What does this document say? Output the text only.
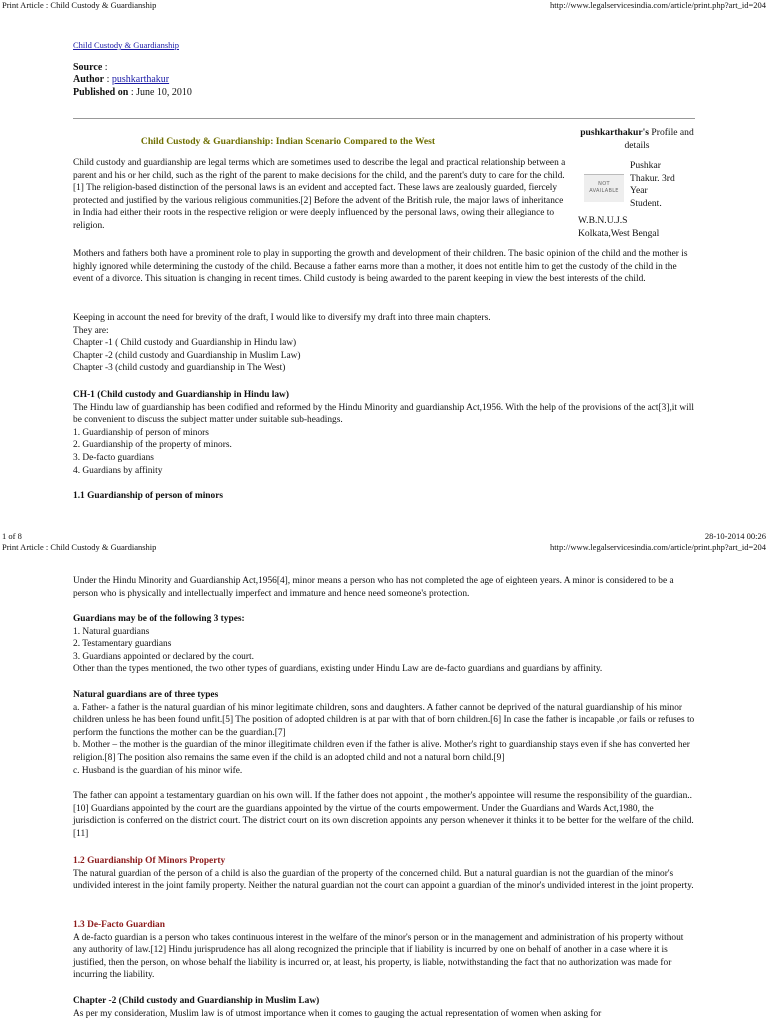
Print Article : Child Custody & Guardianship	http://www.legalservicesindia.com/article/print.php?art_id=204

Child Custody & Guardianship

Source :

Author : pushkarthakur

Published on : June 10, 2010

pushkarthakur's Profile and details
NOT
AVAILABLE
Pushkar
Thakur. 3rd
Year
Student.
W.B.N.U.J.S
Kolkata,West Bengal
Child Custody & Guardianship: Indian Scenario Compared to the West
Child custody and guardianship are legal terms which are sometimes used to describe the legal and practical relationship between a parent and his or her child, such as the right of the parent to make decisions for the child, and the parent's duty to care for the child.[1] The religion-based distinction of the personal laws is an evident and accepted fact. These laws are zealously guarded, fiercely protected and justified by the various religious communities.[2] Before the advent of the British rule, the major laws of inheritance in India had either their roots in the respective religion or were deeply influenced by the personal laws, owing their allegiance to religion.
Mothers and fathers both have a prominent role to play in supporting the growth and development of their children. The basic opinion of the child and the mother is highly ignored while determining the custody of the child. Because a father earns more than a mother, it does not entitle him to get the custody of the child in the event of a divorce. This situation is changing in recent times. Child custody is being awarded to the parent keeping in view the best interests of the child.
Keeping in account the need for brevity of the draft, I would like to diversify my draft into three main chapters.
They are:
Chapter -1 ( Child custody and Guardianship in Hindu law)
Chapter -2 (child custody and Guardianship in Muslim Law)
Chapter -3 (child custody and guardianship in The West)
CH-1 (Child custody and Guardianship in Hindu law)
The Hindu law of guardianship has been codified and reformed by the Hindu Minority and guardianship Act,1956. With the help of the provisions of the act[3],it will be convenient to discuss the subject matter under suitable sub-headings.
1. Guardianship of person of minors
2. Guardianship of the property of minors.
3. De-facto guardians
4. Guardians by affinity
1.1 Guardianship of person of minors
1 of 8	28-10-2014 00:26
Print Article : Child Custody & Guardianship	http://www.legalservicesindia.com/article/print.php?art_id=204
Under the Hindu Minority and Guardianship Act,1956[4], minor means a person who has not completed the age of eighteen years. A minor is considered to be a person who is physically and intellectually imperfect and immature and hence need someone's protection.
Guardians may be of the following 3 types:
1. Natural guardians
2. Testamentary guardians
3. Guardians appointed or declared by the court.
Other than the types mentioned, the two other types of guardians, existing under Hindu Law are de-facto guardians and guardians by affinity.
Natural guardians are of three types
a. Father- a father is the natural guardian of his minor legitimate children, sons and daughters. A father cannot be deprived of the natural guardianship of his minor children unless he has been found unfit.[5] The position of adopted children is at par with that of born children.[6] In case the father is incapable ,or fails or refuses to perform the functions the mother can be the guardian.[7]
b. Mother – the mother is the guardian of the minor illegitimate children even if the father is alive. Mother's right to guardianship stays even if she has converted her religion.[8] The position also remains the same even if the child is an adopted child and not a natural born child.[9]
c. Husband is the guardian of his minor wife.
The father can appoint a testamentary guardian on his own will. If the father does not appoint , the mother's appointee will resume the responsibility of the guardian..[10] Guardians appointed by the court are the guardians appointed by the virtue of the courts empowerment. Under the Guardians and Wards Act,1980, the jurisdiction is conferred on the district court. The district court on its own discretion appoints any person whenever it thinks it to be better for the welfare of the child.[11]
1.2 Guardianship Of Minors Property
The natural guardian of the person of a child is also the guardian of the property of the concerned child. But a natural guardian is not the guardian of the minor's undivided interest in the joint family property. Neither the natural guardian not the court can appoint a guardian of the minor's undivided interest in the joint property.
1.3 De-Facto Guardian
A de-facto guardian is a person who takes continuous interest in the welfare of the minor's person or in the management and administration of his property without any authority of law.[12] Hindu jurisprudence has all along recognized the principle that if liability is incurred by one on behalf of another in a case where it is justified, then the person, on whose behalf the liability is incurred or, at least, his property, is liable, notwithstanding the fact that no authorization was made for incurring the liability.
Chapter -2 (Child custody and Guardianship in Muslim Law)
As per my consideration, Muslim law is of utmost importance when it comes to gauging the actual representation of women when asking for
